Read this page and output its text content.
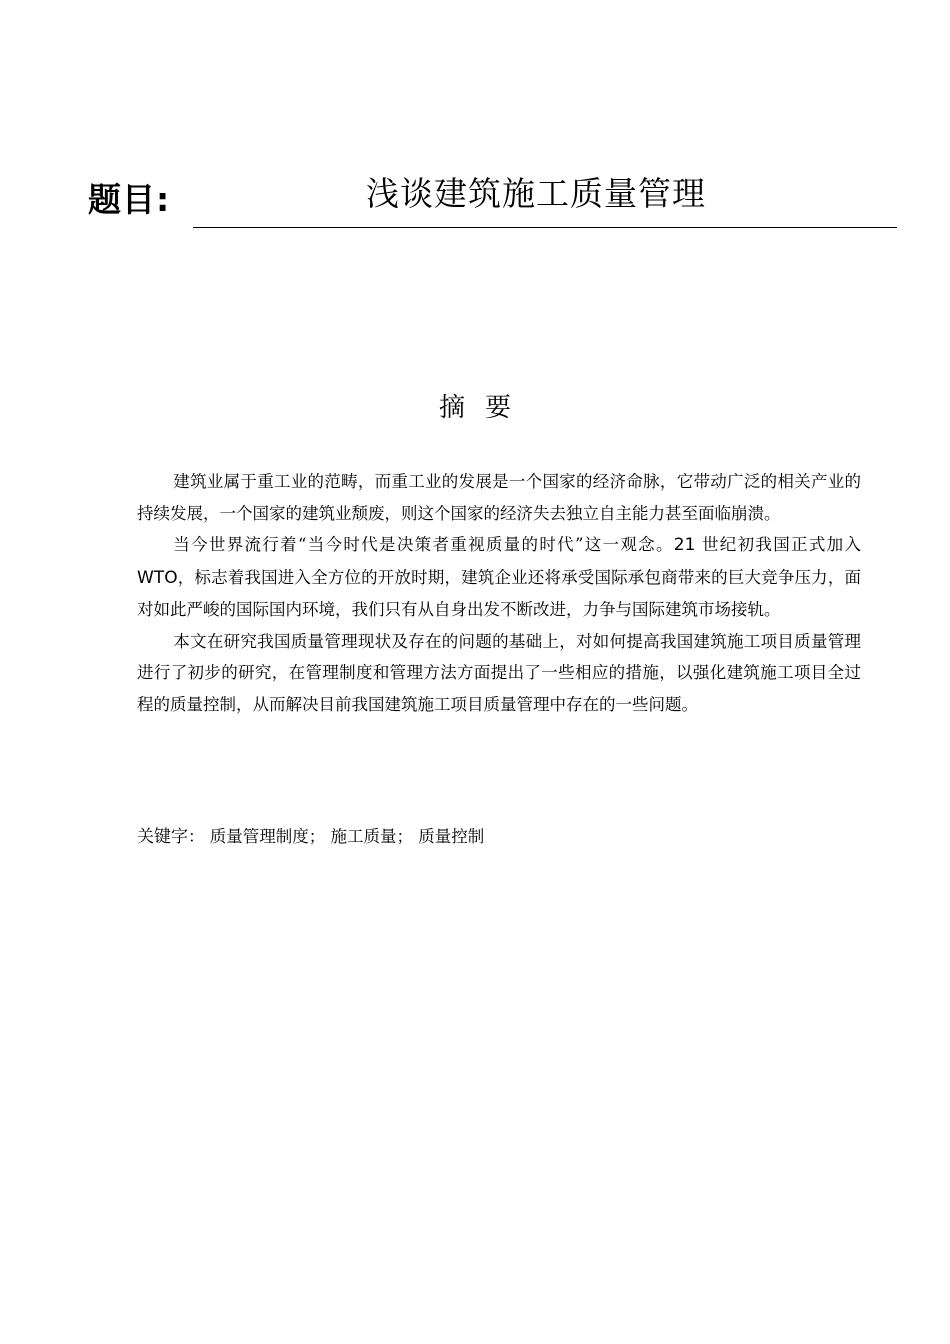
题目:	浅谈建筑施工质量管理
摘要

建筑业属于重工业的范畴，而重工业的发展是一个国家的经济命脉，它带动广泛的相关产业的持续发展，一个国家的建筑业颓废，则这个国家的经济失去独立自主能力甚至面临崩溃。

当今世界流行着“当今时代是决策者重视质量的时代”这一观念。21 世纪初我国正式加入 WTO，标志着我国进入全方位的开放时期，建筑企业还将承受国际承包商带来的巨大竞争压力，面对如此严峻的国际国内环境，我们只有从自身出发不断改进，力争与国际建筑市场接轨。

本文在研究我国质量管理现状及存在的问题的基础上，对如何提高我国建筑施工项目质量管理进行了初步的研究，在管理制度和管理方法方面提出了一些相应的措施，以强化建筑施工项目全过程的质量控制，从而解决目前我国建筑施工项目质量管理中存在的一些问题。

关键字： 质量管理制度； 施工质量； 质量控制
